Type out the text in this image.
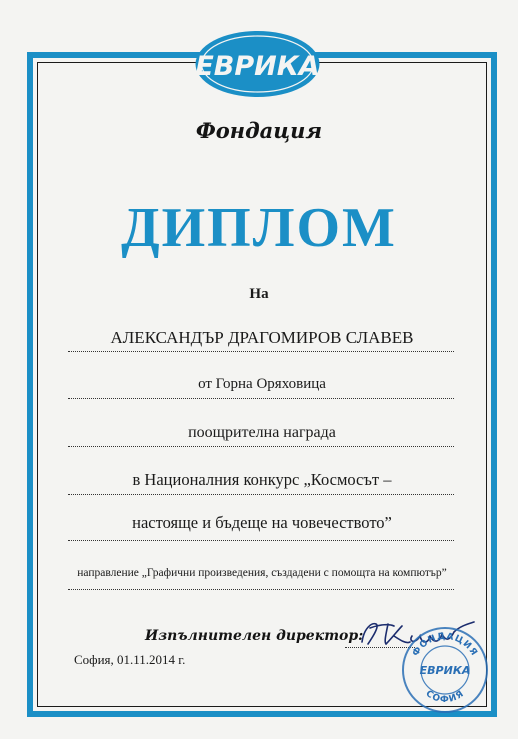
ЕВРИКА
Фондация
ДИПЛОМ
На
АЛЕКСАНДЪР ДРАГОМИРОВ СЛАВЕВ
от Горна Оряховица
поощрителна награда
в Националния конкурс „Космосът –
настояще и бъдеще на човечеството”
направление „Графични произведения, създадени с помощта на компютър”
Изпълнителен директор:
София, 01.11.2014 г.
ФОНДАЦИЯ
ЕВРИКА
СОФИЯ
